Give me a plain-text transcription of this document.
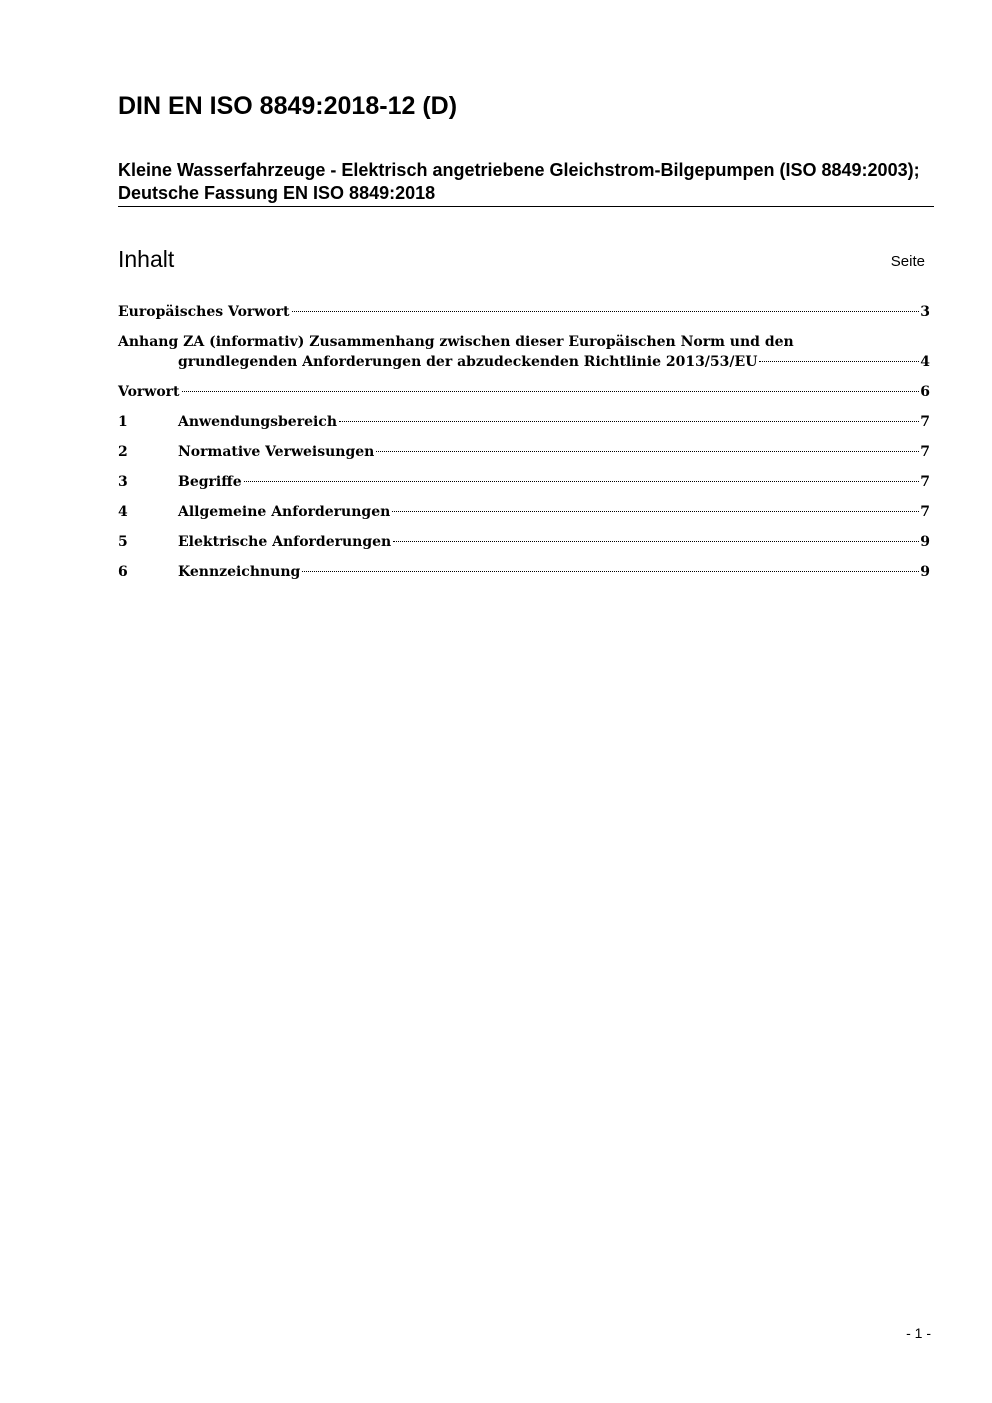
DIN EN ISO 8849:2018-12 (D)
Kleine Wasserfahrzeuge - Elektrisch angetriebene Gleichstrom-Bilgepumpen (ISO 8849:2003); Deutsche Fassung EN ISO 8849:2018
Inhalt	Seite
Europäisches Vorwort	3
Anhang ZA (informativ) Zusammenhang zwischen dieser Europäischen Norm und den
grundlegenden Anforderungen der abzudeckenden Richtlinie 2013/53/EU	4
Vorwort	6
1	Anwendungsbereich	7
2	Normative Verweisungen	7
3	Begriffe	7
4	Allgemeine Anforderungen	7
5	Elektrische Anforderungen	9
6	Kennzeichnung	9
- 1 -
